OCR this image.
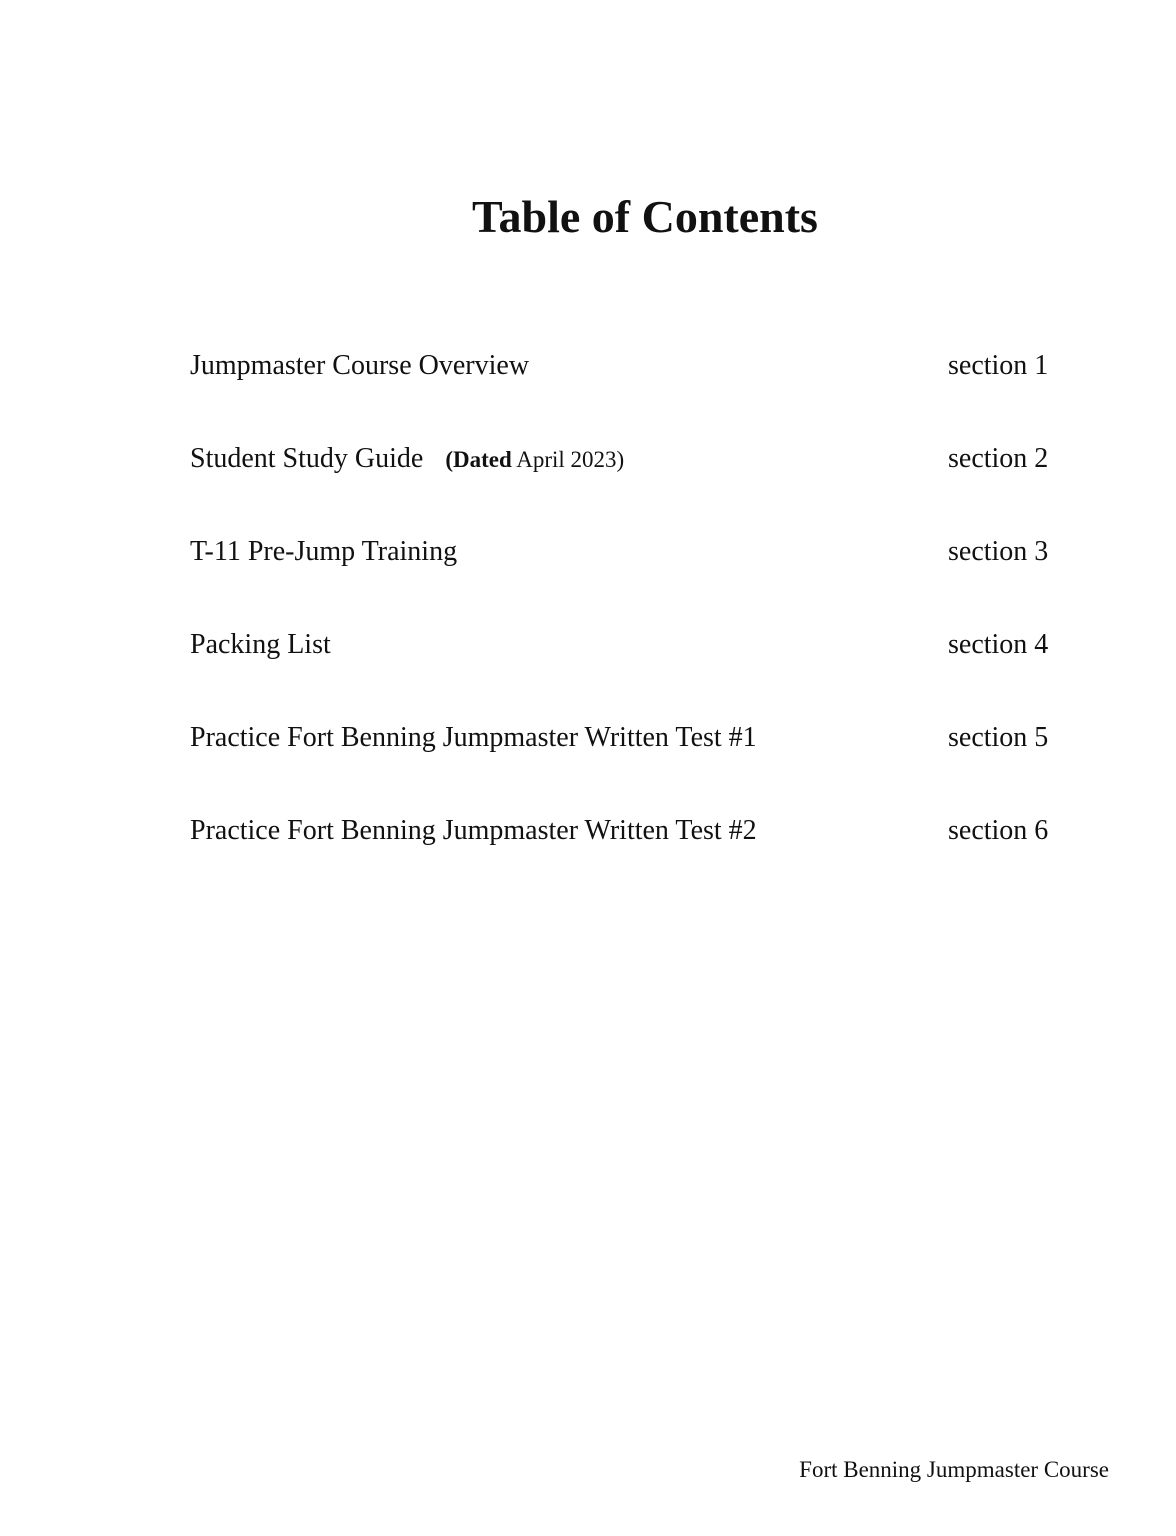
Table of Contents
Jumpmaster Course Overview	section 1
Student Study Guide (Dated April 2023)	section 2
T-11 Pre-Jump Training	section 3
Packing List	section 4
Practice Fort Benning Jumpmaster Written Test #1	section 5
Practice Fort Benning Jumpmaster Written Test #2	section 6
Fort Benning Jumpmaster Course
